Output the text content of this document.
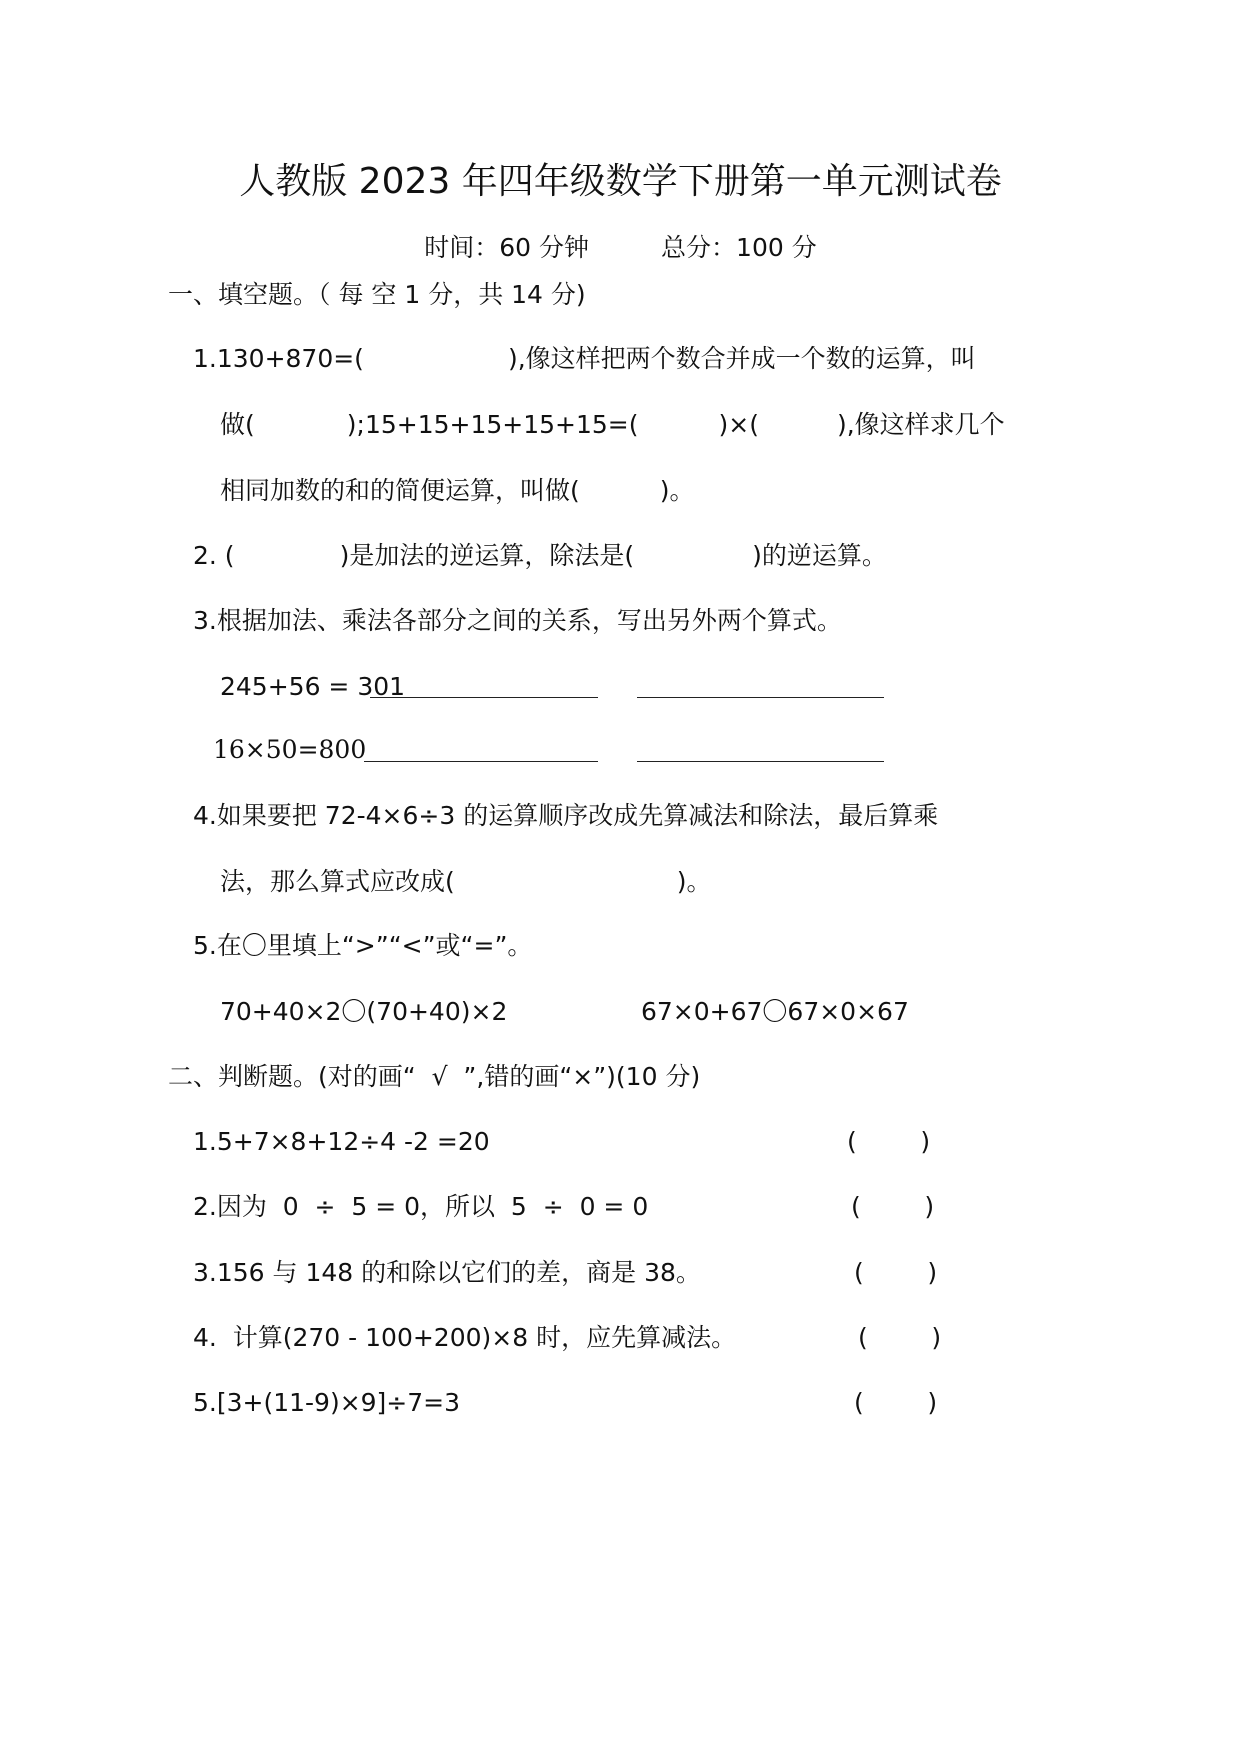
人教版 2023 年四年级数学下册第一单元测试卷
时间：60 分钟	总分：100 分
一、填空题。（ 每 空 1 分，共 14 分)
1.130+870=(	),像这样把两个数合并成一个数的运算，叫
做(	);15+15+15+15+15=(	)×(	),像这样求几个
相同加数的和的简便运算，叫做(	)。
2. (	)是加法的逆运算，除法是(	)的逆运算。
3.根据加法、乘法各部分之间的关系，写出另外两个算式。
245+56 = 301
16×50=800
4.如果要把 72-4×6÷3 的运算顺序改成先算减法和除法，最后算乘
法，那么算式应改成(	)。
5.在〇里填上“>”“<”或“=”。
70+40×2〇(70+40)×2	67×0+67〇67×0×67
二、判断题。(对的画“  √  ”,错的画“×”)(10 分)
1.5+7×8+12÷4 -2 =20	(        )
2.因为  0  ÷  5 = 0，所以  5  ÷  0 = 0	(        )
3.156 与 148 的和除以它们的差，商是 38。	(        )
4.  计算(270 - 100+200)×8 时，应先算减法。	(        )
5.[3+(11-9)×9]÷7=3	(        )
